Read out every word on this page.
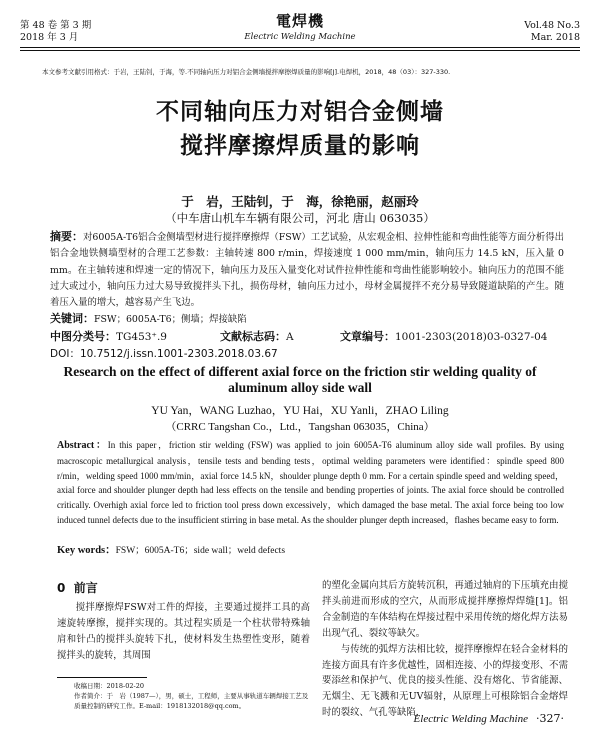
第 48 卷 第 3 期
2018 年 3 月
電焊機
Electric Welding Machine
Vol.48 No.3
Mar. 2018
本文参考文献引用格式：于岩，王陆钊，于海，等.不同轴向压力对铝合金侧墙搅拌摩擦焊质量的影响[J].电焊机，2018，48（03）：327-330.
不同轴向压力对铝合金侧墙
搅拌摩擦焊质量的影响
于　岩，王陆钊，于　海，徐艳丽，赵丽玲
（中车唐山机车车辆有限公司，河北 唐山 063035）
摘要：对6005A-T6铝合金侧墙型材进行搅拌摩擦焊（FSW）工艺试验，从宏观金相、拉伸性能和弯曲性能等方面分析得出铝合金地铁侧墙型材的合理工艺参数：主轴转速 800 r/min，焊接速度 1 000 mm/min，轴向压力 14.5 kN，压入量 0 mm。在主轴转速和焊速一定的情况下，轴向压力及压入量变化对试件拉伸性能和弯曲性能影响较小。轴向压力的范围不能过大或过小，轴向压力过大易导致搅拌头下扎，损伤母材，轴向压力过小，母材金属搅拌不充分易导致隧道缺陷的产生。随着压入量的增大，越容易产生飞边。
关键词：FSW；6005A-T6；侧墙；焊接缺陷
中图分类号：TG453⁺.9	文献标志码：A	文章编号：1001-2303(2018)03-0327-04
DOI：10.7512/j.issn.1001-2303.2018.03.67
Research on the effect of different axial force on the friction stir welding quality of aluminum alloy side wall
YU Yan，WANG Luzhao，YU Hai，XU Yanli，ZHAO Liling
（CRRC Tangshan Co.，Ltd.，Tangshan 063035，China）
Abstract：In this paper，friction stir welding (FSW) was applied to join 6005A-T6 aluminum alloy side wall profiles. By using macroscopic metallurgical analysis，tensile tests and bending tests，optimal welding parameters were identified：spindle speed 800 r/min，welding speed 1000 mm/min，axial force 14.5 kN，shoulder plunge depth 0 mm. For a certain spindle speed and welding speed，axial force and shoulder plunger depth had less effects on the tensile and bending properties of joints. The axial force should be controlled critically. Overhigh axial force led to friction tool press down excessively，which damaged the base metal. The axial force being too low induced tunnel defects due to the insufficient stirring in base metal. As the shoulder plunger depth increased，flashes became easy to form.
Key words：FSW；6005A-T6；side wall；weld defects
0 前言

搅拌摩擦焊FSW对工件的焊接，主要通过搅拌工具的高速旋转摩擦，搅拌实现的。其过程实质是一个柱状带特殊轴肩和针凸的搅拌头旋转下扎，使材料发生热塑性变形，随着搅拌头的旋转，其周围

收稿日期：2018-02-20
作者简介：于　岩（1987—），男，硕士，工程师，主要从事轨道车辆焊接工艺及质量控制的研究工作。E-mail：1918132018@qq.com。

的塑化金属向其后方旋转沉积，再通过轴肩的下压填充由搅拌头前进而形成的空穴，从而形成搅拌摩擦焊焊缝[1]。铝合金制造的车体结构在焊接过程中采用传统的熔化焊方法易出现气孔、裂纹等缺欠。

与传统的弧焊方法相比较，搅拌摩擦焊在轻合金材料的连接方面具有许多优越性，固相连接、小的焊接变形、不需要添丝和保护气、优良的接头性能、没有熔化、节省能源、无烟尘、无飞溅和无UV辐射，从原理上可根除铝合金熔焊时的裂纹、气孔等缺陷，

Electric Welding Machine ·327·
